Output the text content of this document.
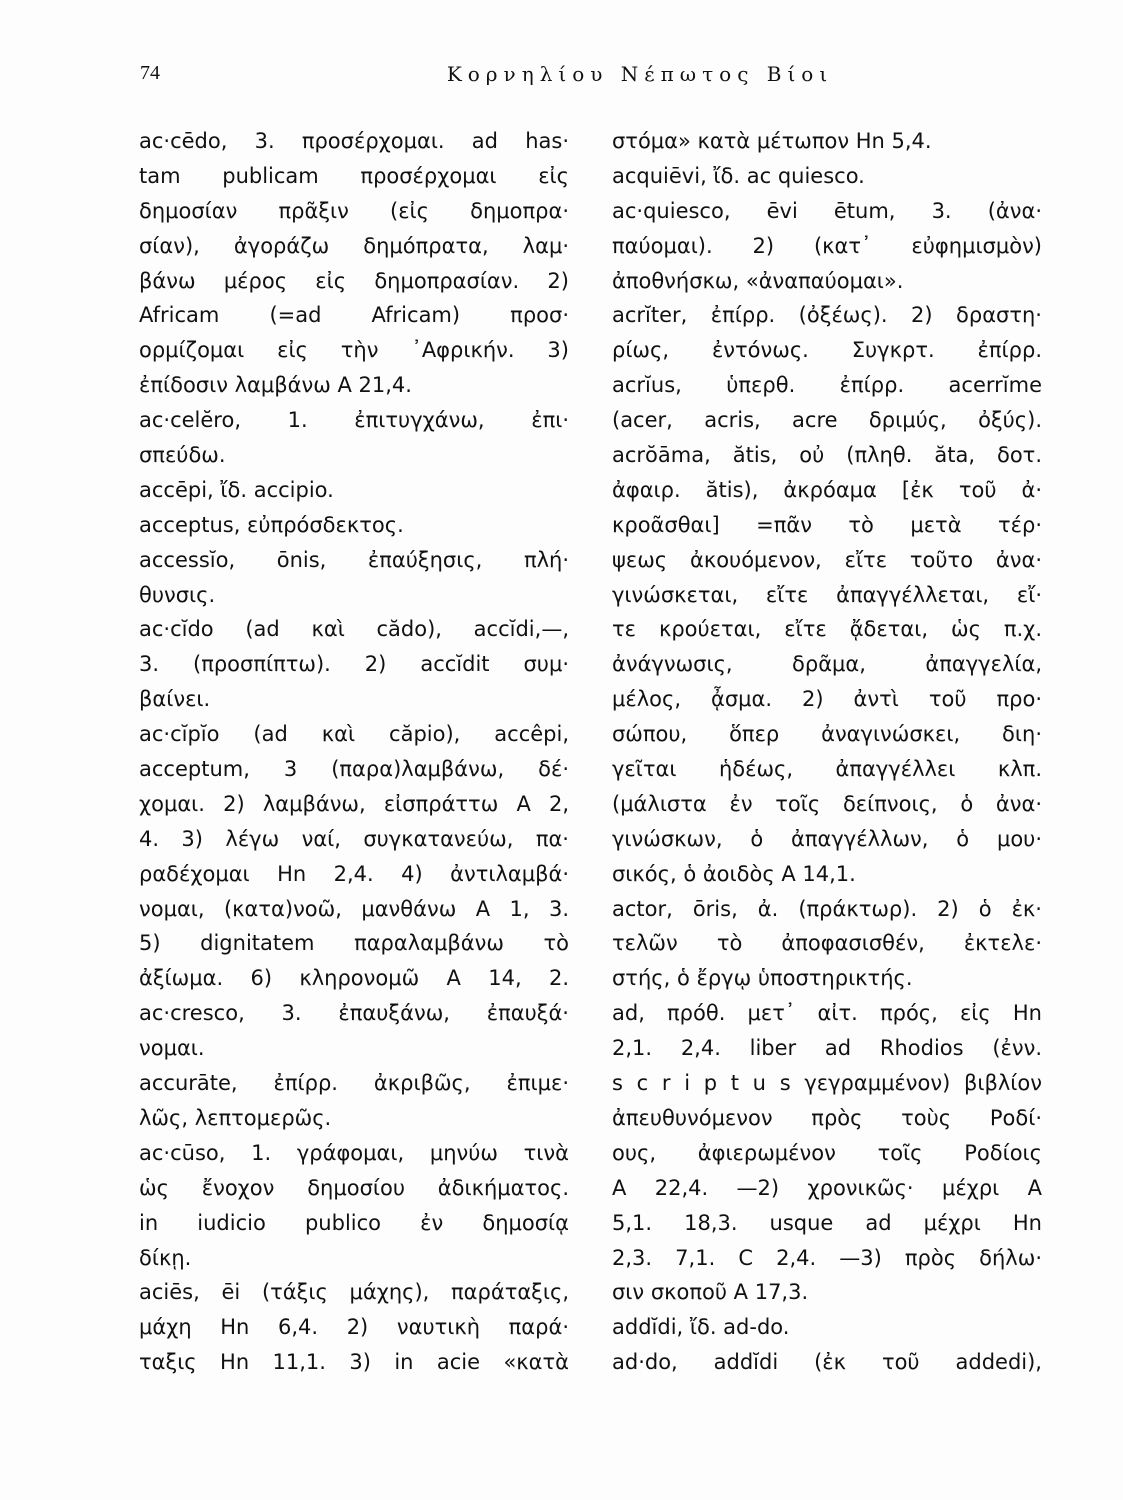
74	Κορνηλίου Νέπωτος Βίοι
ac·cēdo, 3. προσέρχομαι. ad has·
tam publicam προσέρχομαι εἰς
δημοσίαν πρᾶξιν (εἰς δημοπρα·
σίαν), ἀγοράζω δημόπρατα, λαμ·
βάνω μέρος εἰς δημοπρασίαν. 2)
Africam (=ad Africam) προσ·
ορμίζομαι εἰς τὴν ᾽Αφρικήν. 3)
ἐπίδοσιν λαμβάνω Α 21,4.
ac·celĕro, 1. ἐπιτυγχάνω, ἐπι·
σπεύδω.
accēpi, ἴδ. accipio.
acceptus, εὐπρόσδεκτος.
accessĭo, ōnis, ἐπαύξησις, πλή·
θυνσις.
ac·cĭdo (ad καὶ cădo), accĭdi,—,
3. (προσπίπτω). 2) accĭdit συμ·
βαίνει.
ac·cĭpĭo (ad καὶ căpio), accêpi,
acceptum, 3 (παρα)λαμβάνω, δέ·
χομαι. 2) λαμβάνω, εἰσπράττω Α 2,
4. 3) λέγω ναί, συγκατανεύω, πα·
ραδέχομαι Hn 2,4. 4) ἀντιλαμβά·
νομαι, (κατα)νοῶ, μανθάνω Α 1, 3.
5) dignitatem παραλαμβάνω τὸ
ἀξίωμα. 6) κληρονομῶ Α 14, 2.
ac·cresco, 3. ἐπαυξάνω, ἐπαυξά·
νομαι.
accurāte, ἐπίρρ. ἀκριβῶς, ἐπιμε·
λῶς, λεπτομερῶς.
ac·cūso, 1. γράφομαι, μηνύω τινὰ
ὡς ἔνοχον δημοσίου ἀδικήματος.
in iudicio publico ἐν δημοσίᾳ
δίκῃ.
aciēs, ēi (τάξις μάχης), παράταξις,
μάχη Hn 6,4. 2) ναυτικὴ παρά·
ταξις Hn 11,1. 3) in acie «κατὰ
στόμα» κατὰ μέτωπον Hn 5,4.
acquiēvi, ἴδ. ac quiesco.
ac·quiesco, ēvi ētum, 3. (ἀνα·
παύομαι). 2) (κατ᾽ εὐφημισμὸν)
ἀποθνήσκω, «ἀναπαύομαι».
acrĭter, ἐπίρρ. (ὀξέως). 2) δραστη·
ρίως, ἐντόνως. Συγκρτ. ἐπίρρ.
acrĭus, ὑπερθ. ἐπίρρ. acerrĭme
(acer, acris, acre δριμύς, ὀξύς).
acrŏāma, ătis, οὐ (πληθ. ăta, δοτ.
ἀφαιρ. ătis), ἀκρόαμα [ἐκ τοῦ ἀ·
κροᾶσθαι] =πᾶν τὸ μετὰ τέρ·
ψεως ἀκουόμενον, εἴτε τοῦτο ἀνα·
γινώσκεται, εἴτε ἀπαγγέλλεται, εἴ·
τε κρούεται, εἴτε ᾄδεται, ὡς π.χ.
ἀνάγνωσις, δρᾶμα, ἀπαγγελία,
μέλος, ᾆσμα. 2) ἀντὶ τοῦ προ·
σώπου, ὅπερ ἀναγινώσκει, διη·
γεῖται ἡδέως, ἀπαγγέλλει κλπ.
(μάλιστα ἐν τοῖς δείπνοις, ὁ ἀνα·
γινώσκων, ὁ ἀπαγγέλλων, ὁ μου·
σικός, ὁ ἀοιδὸς Α 14,1.
actor, ōris, ἀ. (πράκτωρ). 2) ὁ ἐκ·
τελῶν τὸ ἀποφασισθέν, ἐκτελε·
στής, ὁ ἔργῳ ὑποστηρικτής.
ad, πρόθ. μετ᾽ αἰτ. πρός, εἰς Hn
2,1. 2,4. liber ad Rhodios (ἐνν.
s c r i p t u s γεγραμμένον) βιβλίον
ἀπευθυνόμενον πρὸς τοὺς Ροδί·
ους, ἀφιερωμένον τοῖς Ροδίοις
Α 22,4. —2) χρονικῶς· μέχρι Α
5,1. 18,3. usque ad μέχρι Hn
2,3. 7,1. C 2,4. —3) πρὸς δήλω·
σιν σκοποῦ Α 17,3.
addĭdi, ἴδ. ad-do.
ad·do, addĭdi (ἐκ τοῦ addedi),
